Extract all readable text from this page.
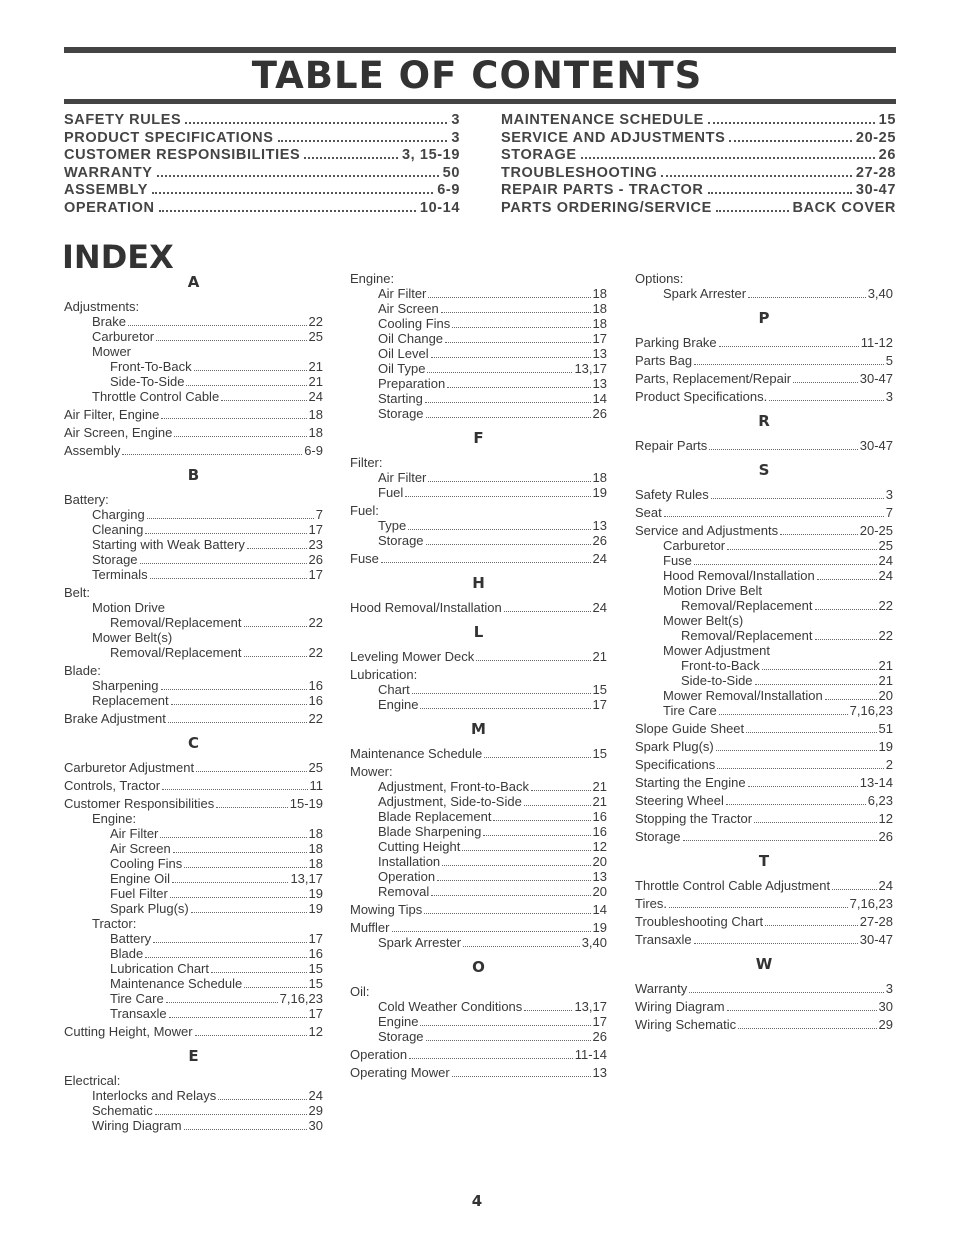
TABLE OF CONTENTS
SAFETY RULES	3
PRODUCT SPECIFICATIONS	3
CUSTOMER RESPONSIBILITIES	3, 15-19
WARRANTY	50
ASSEMBLY	6-9
OPERATION	10-14
MAINTENANCE SCHEDULE	15
SERVICE AND ADJUSTMENTS	20-25
STORAGE	26
TROUBLESHOOTING	27-28
REPAIR PARTS - TRACTOR	30-47
PARTS ORDERING/SERVICE	BACK COVER
INDEX
A
Adjustments:
Brake	22
Carburetor	25
Mower
Front-To-Back	21
Side-To-Side	21
Throttle Control Cable	24
Air Filter, Engine	18
Air Screen, Engine	18
Assembly	6-9
B
Battery:
Charging	7
Cleaning	17
Starting with Weak Battery	23
Storage	26
Terminals	17
Belt:
Motion Drive
Removal/Replacement	22
Mower Belt(s)
Removal/Replacement	22
Blade:
Sharpening	16
Replacement	16
Brake Adjustment	22
C
Carburetor Adjustment	25
Controls, Tractor	11
Customer Responsibilities	15-19
Engine:
Air Filter	18
Air Screen	18
Cooling Fins	18
Engine Oil	13,17
Fuel Filter	19
Spark Plug(s)	19
Tractor:
Battery	17
Blade	16
Lubrication Chart	15
Maintenance Schedule	15
Tire Care	7,16,23
Transaxle	17
Cutting Height, Mower	12
E
Electrical:
Interlocks and Relays	24
Schematic	29
Wiring Diagram	30
Engine:
Air Filter	18
Air Screen	18
Cooling Fins	18
Oil Change	17
Oil Level	13
Oil Type	13,17
Preparation	13
Starting	14
Storage	26
F
Filter:
Air Filter	18
Fuel	19
Fuel:
Type	13
Storage	26
Fuse	24
H
Hood Removal/Installation	24
L
Leveling Mower Deck	21
Lubrication:
Chart	15
Engine	17
M
Maintenance Schedule	15
Mower:
Adjustment, Front-to-Back	21
Adjustment, Side-to-Side	21
Blade Replacement	16
Blade Sharpening	16
Cutting Height	12
Installation	20
Operation	13
Removal	20
Mowing Tips	14
Muffler	19
Spark Arrester	3,40
O
Oil:
Cold Weather Conditions	13,17
Engine	17
Storage	26
Operation	11-14
Operating Mower	13
Options:
Spark Arrester	3,40
P
Parking Brake	11-12
Parts Bag	5
Parts, Replacement/Repair	30-47
Product Specifications.	3
R
Repair Parts	30-47
S
Safety Rules	3
Seat	7
Service and Adjustments	20-25
Carburetor	25
Fuse	24
Hood Removal/Installation	24
Motion Drive Belt
Removal/Replacement	22
Mower Belt(s)
Removal/Replacement	22
Mower Adjustment
Front-to-Back	21
Side-to-Side	21
Mower Removal/Installation	20
Tire Care	7,16,23
Slope Guide Sheet	51
Spark Plug(s)	19
Specifications	2
Starting the Engine	13-14
Steering Wheel	6,23
Stopping the Tractor	12
Storage	26
T
Throttle Control Cable Adjustment	24
Tires.	7,16,23
Troubleshooting Chart	27-28
Transaxle	30-47
W
Warranty	3
Wiring Diagram	30
Wiring Schematic	29
4
